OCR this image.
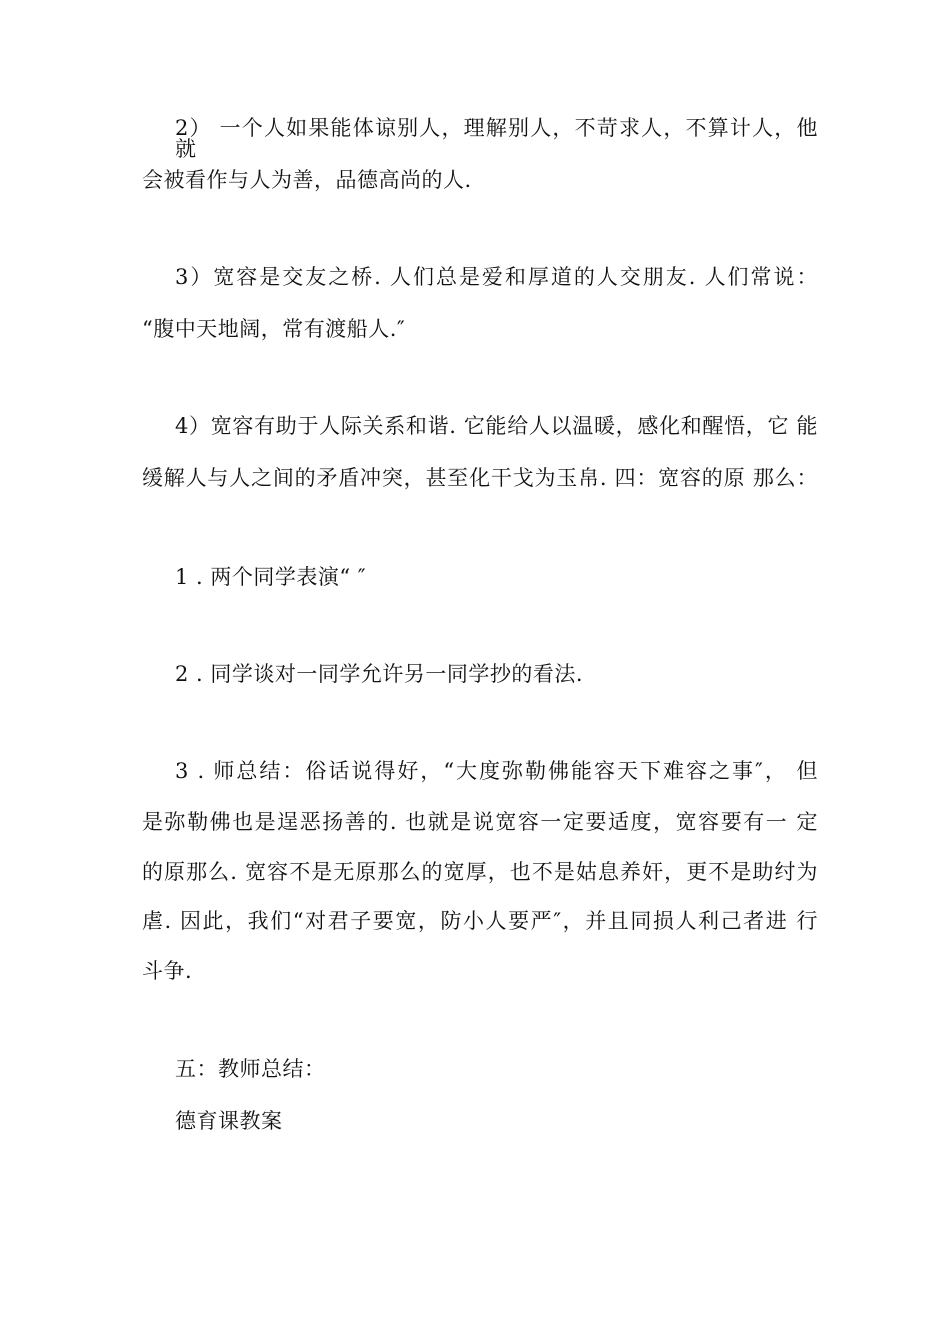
2） 一个人如果能体谅别人，理解别人，不苛求人，不算计人，他 就
会被看作与人为善，品德高尚的人.
3）宽容是交友之桥. 人们总是爱和厚道的人交朋友. 人们常说：
“腹中天地阔，常有渡船人.″
4）宽容有助于人际关系和谐. 它能给人以温暖，感化和醒悟，它 能
缓解人与人之间的矛盾冲突，甚至化干戈为玉帛. 四：宽容的原 那么：
1 . 两个同学表演“ ″
2 . 同学谈对一同学允许另一同学抄的看法.
3 . 师总结：俗话说得好，“大度弥勒佛能容天下难容之事″， 但
是弥勒佛也是逞恶扬善的. 也就是说宽容一定要适度，宽容要有一 定
的原那么. 宽容不是无原那么的宽厚，也不是姑息养奸，更不是助纣为
虐. 因此，我们“对君子要宽，防小人要严″，并且同损人利己者进 行
斗争.
五：教师总结：
德育课教案
